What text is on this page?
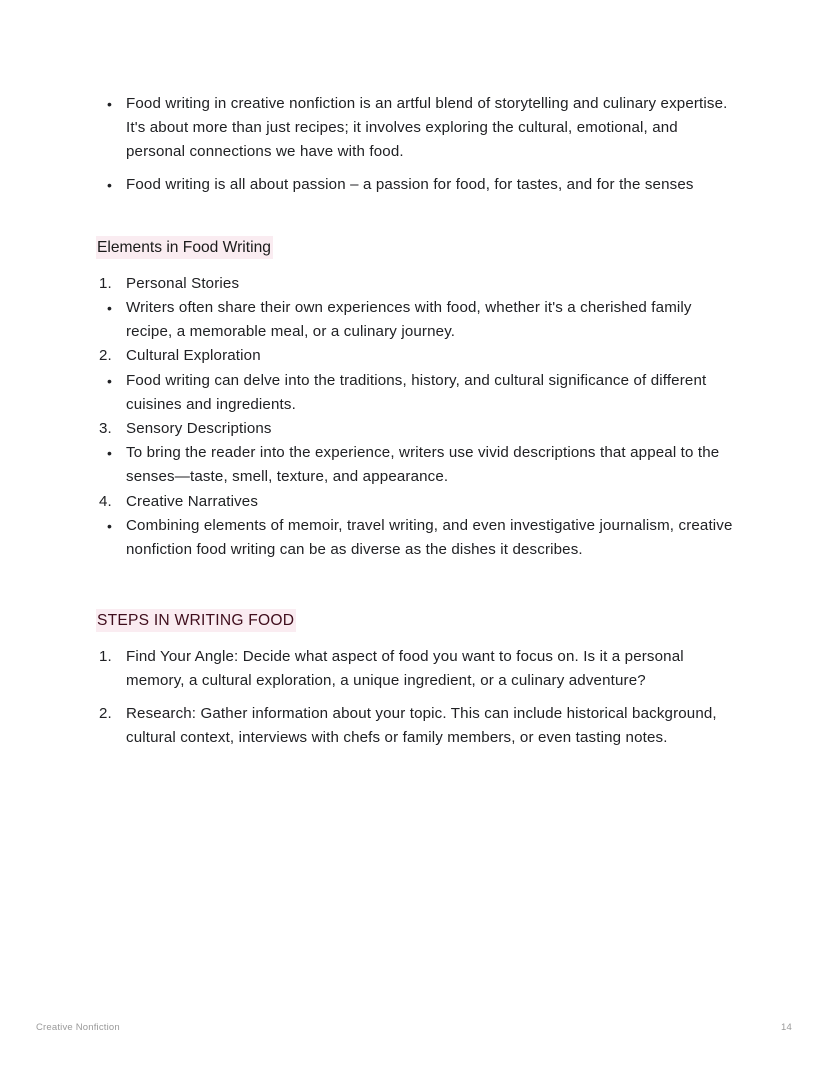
• Food writing in creative nonfiction is an artful blend of storytelling and culinary expertise. It's about more than just recipes; it involves exploring the cultural, emotional, and personal connections we have with food.
• Food writing is all about passion – a passion for food, for tastes, and for the senses
Elements in Food Writing
1. Personal Stories
• Writers often share their own experiences with food, whether it's a cherished family recipe, a memorable meal, or a culinary journey.
2. Cultural Exploration
• Food writing can delve into the traditions, history, and cultural significance of different cuisines and ingredients.
3. Sensory Descriptions
• To bring the reader into the experience, writers use vivid descriptions that appeal to the senses—taste, smell, texture, and appearance.
4. Creative Narratives
• Combining elements of memoir, travel writing, and even investigative journalism, creative nonfiction food writing can be as diverse as the dishes it describes.
STEPS IN WRITING FOOD
1. Find Your Angle: Decide what aspect of food you want to focus on. Is it a personal memory, a cultural exploration, a unique ingredient, or a culinary adventure?
2. Research: Gather information about your topic. This can include historical background, cultural context, interviews with chefs or family members, or even tasting notes.
Creative Nonfiction	14
